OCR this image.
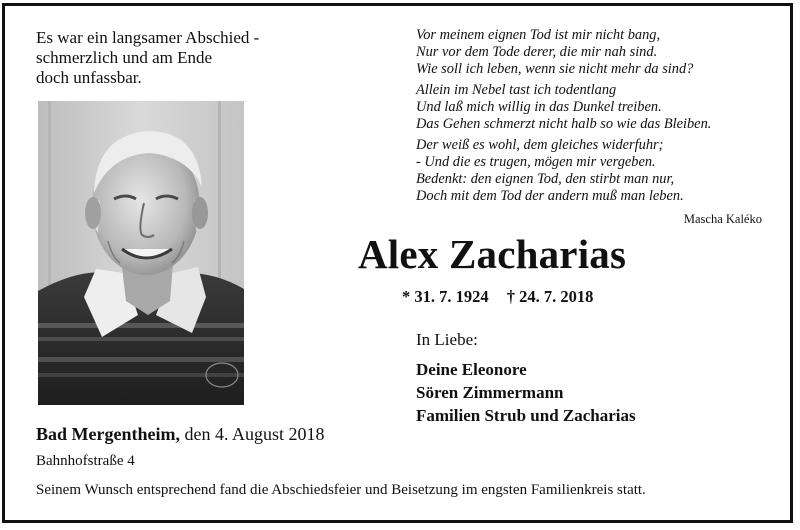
Es war ein langsamer Abschied -
schmerzlich und am Ende
doch unfassbar.
Vor meinem eignen Tod ist mir nicht bang,
Nur vor dem Tode derer, die mir nah sind.
Wie soll ich leben, wenn sie nicht mehr da sind?
Allein im Nebel tast ich todentlang
Und laß mich willig in das Dunkel treiben.
Das Gehen schmerzt nicht halb so wie das Bleiben.
Der weiß es wohl, dem gleiches widerfuhr;
- Und die es trugen, mögen mir vergeben.
Bedenkt: den eignen Tod, den stirbt man nur,
Doch mit dem Tod der andern muß man leben.
Mascha Kaléko
Alex Zacharias
* 31. 7. 1924 † 24. 7. 2018
In Liebe:
Deine Eleonore
Sören Zimmermann
Familien Strub und Zacharias
Bad Mergentheim, den 4. August 2018
Bahnhofstraße 4
Seinem Wunsch entsprechend fand die Abschiedsfeier und Beisetzung im engsten Familienkreis statt.
